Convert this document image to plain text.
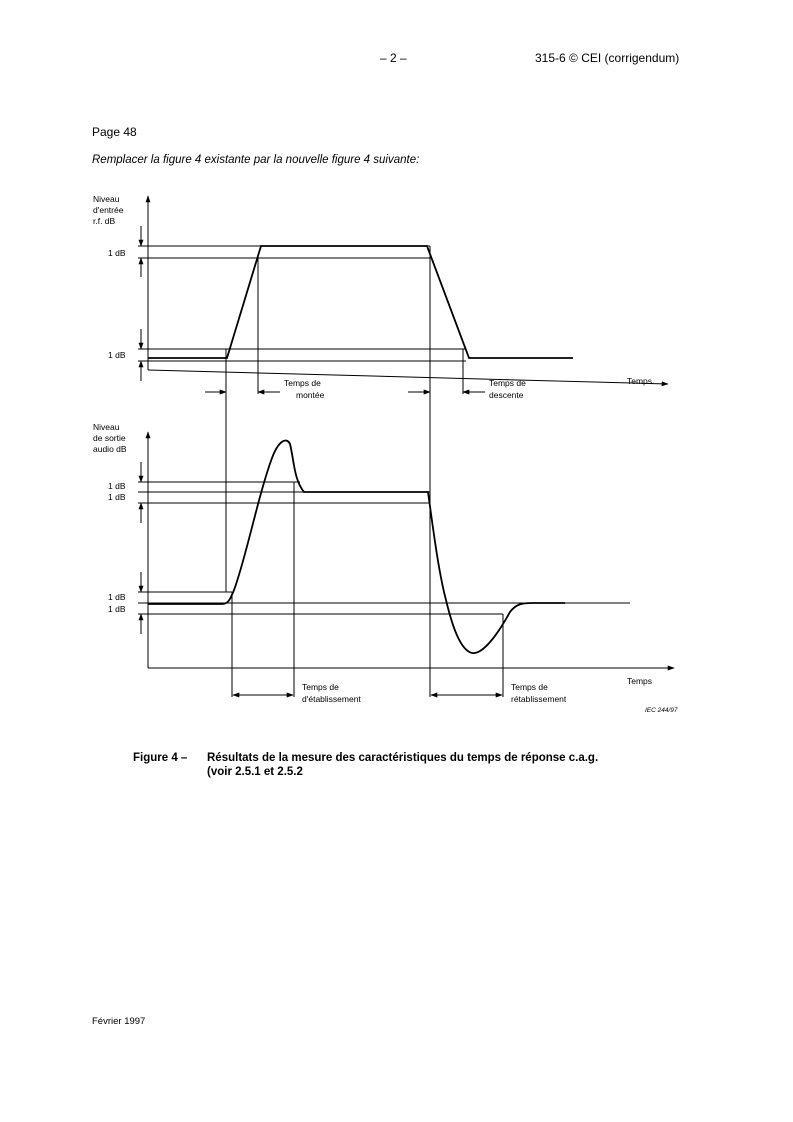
– 2 –	315-6 © CEI (corrigendum)
Page 48
Remplacer la figure 4 existante par la nouvelle figure 4 suivante:
Niveau
d'entrée
r.f. dB
1 dB
1 dB
Temps
Temps de
montée
Temps de
descente
Niveau
de sortie
audio dB
1 dB
1 dB
1 dB
1 dB
Temps
Temps de
d'établissement
Temps de
rétablissement
IEC 244/97
Figure 4 – Résultats de la mesure des caractéristiques du temps de réponse c.a.g.
(voir 2.5.1 et 2.5.2
Février 1997
